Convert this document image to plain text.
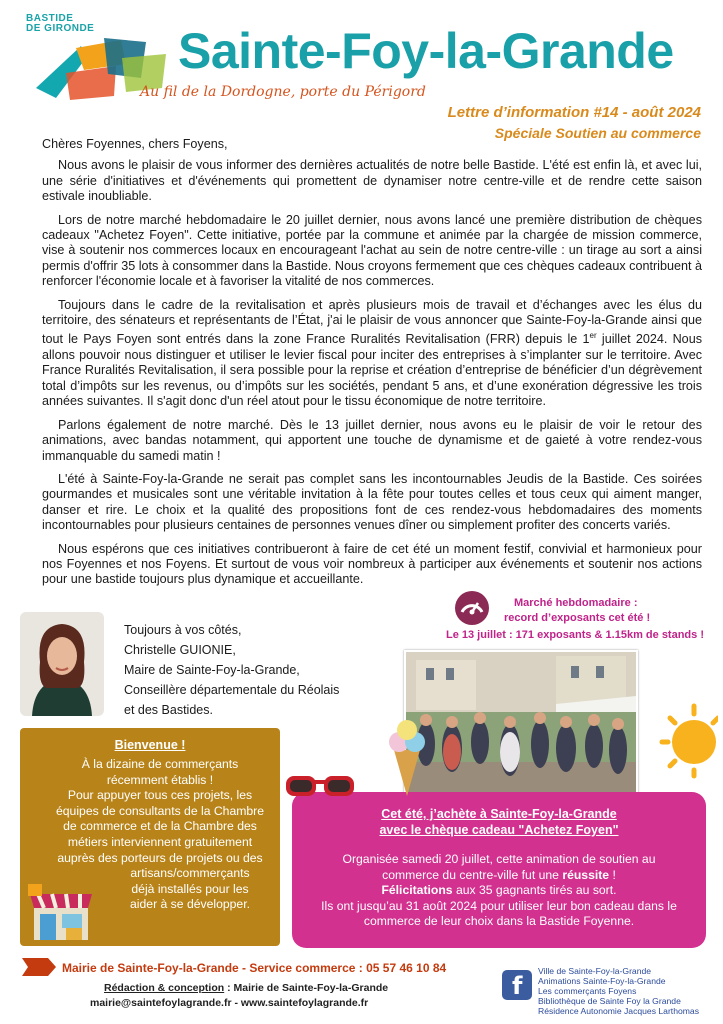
BASTIDE
DE GIRONDE Sainte-Foy-la-Grande
Au fil de la Dordogne, porte du Périgord
Lettre d’information #14 - août 2024
Spéciale Soutien au commerce

Chères Foyennes, chers Foyens,

Nous avons le plaisir de vous informer des dernières actualités de notre belle Bastide. L'été est enfin là, et avec lui, une série d'initiatives et d'événements qui promettent de dynamiser notre centre-ville et de rendre cette saison estivale inoubliable.

Lors de notre marché hebdomadaire le 20 juillet dernier, nous avons lancé une première distribution de chèques cadeaux "Achetez Foyen". Cette initiative, portée par la commune et animée par la chargée de mission commerce, vise à soutenir nos commerces locaux en encourageant l'achat au sein de notre centre-ville : un tirage au sort a ainsi permis d'offrir 35 lots à consommer dans la Bastide. Nous croyons fermement que ces chèques cadeaux contribuent à renforcer l'économie locale et à favoriser la vitalité de nos commerces.

Toujours dans le cadre de la revitalisation et après plusieurs mois de travail et d’échanges avec les élus du territoire, des sénateurs et représentants de l’État, j'ai le plaisir de vous annoncer que Sainte-Foy-la-Grande ainsi que tout le Pays Foyen sont entrés dans la zone France Ruralités Revitalisation (FRR) depuis le 1er juillet 2024. Nous allons pouvoir nous distinguer et utiliser le levier fiscal pour inciter des entreprises à s’implanter sur le territoire. Avec France Ruralités Revitalisation, il sera possible pour la reprise et création d’entreprise de bénéficier d’un dégrèvement total d’impôts sur les revenus, ou d’impôts sur les sociétés, pendant 5 ans, et d’une exonération dégressive les trois années suivantes. Il s'agit donc d'un réel atout pour le tissu économique de notre territoire.

Parlons également de notre marché. Dès le 13 juillet dernier, nous avons eu le plaisir de voir le retour des animations, avec bandas notamment, qui apportent une touche de dynamisme et de gaieté à votre rendez-vous immanquable du samedi matin !

L'été à Sainte-Foy-la-Grande ne serait pas complet sans les incontournables Jeudis de la Bastide. Ces soirées gourmandes et musicales sont une véritable invitation à la fête pour toutes celles et tous ceux qui aiment manger, danser et rire. Le choix et la qualité des propositions font de ces rendez-vous hebdomadaires des moments incontournables pour plusieurs centaines de personnes venues dîner ou simplement profiter des concerts variés.

Nous espérons que ces initiatives contribueront à faire de cet été un moment festif, convivial et harmonieux pour nos Foyennes et nos Foyens. Et surtout de vous voir nombreux à participer aux événements et soutenir nos actions pour une bastide toujours plus dynamique et accueillante.

Toujours à vos côtés,
Christelle GUIONIE,
Maire de Sainte-Foy-la-Grande,
Conseillère départementale du Réolais
et des Bastides.
Marché hebdomadaire :
record d’exposants cet été !
Le 13 juillet : 171 exposants & 1.15km de stands !
Bienvenue !
À la dizaine de commerçants
récemment établis !
Pour appuyer tous ces projets, les
équipes de consultants de la Chambre
de commerce et de la Chambre des
métiers interviennent gratuitement
auprès des porteurs de projets ou des
artisans/commerçants
déjà installés pour les
aider à se développer.
Cet été, j’achète à Sainte-Foy-la-Grande
avec le chèque cadeau "Achetez Foyen"
Organisée samedi 20 juillet, cette animation de soutien au
commerce du centre-ville fut une réussite !
Félicitations aux 35 gagnants tirés au sort.
Ils ont jusqu’au 31 août 2024 pour utiliser leur bon cadeau dans le
commerce de leur choix dans la Bastide Foyenne.
Mairie de Sainte-Foy-la-Grande - Service commerce : 05 57 46 10 84
Rédaction & conception : Mairie de Sainte-Foy-la-Grande
mairie@saintefoylagrande.fr - www.saintefoylagrande.fr
f
Ville de Sainte-Foy-la-Grande
Animations Sainte-Foy-la-Grande
Les commerçants Foyens
Bibliothèque de Sainte Foy la Grande
Résidence Autonomie Jacques Larthomas
